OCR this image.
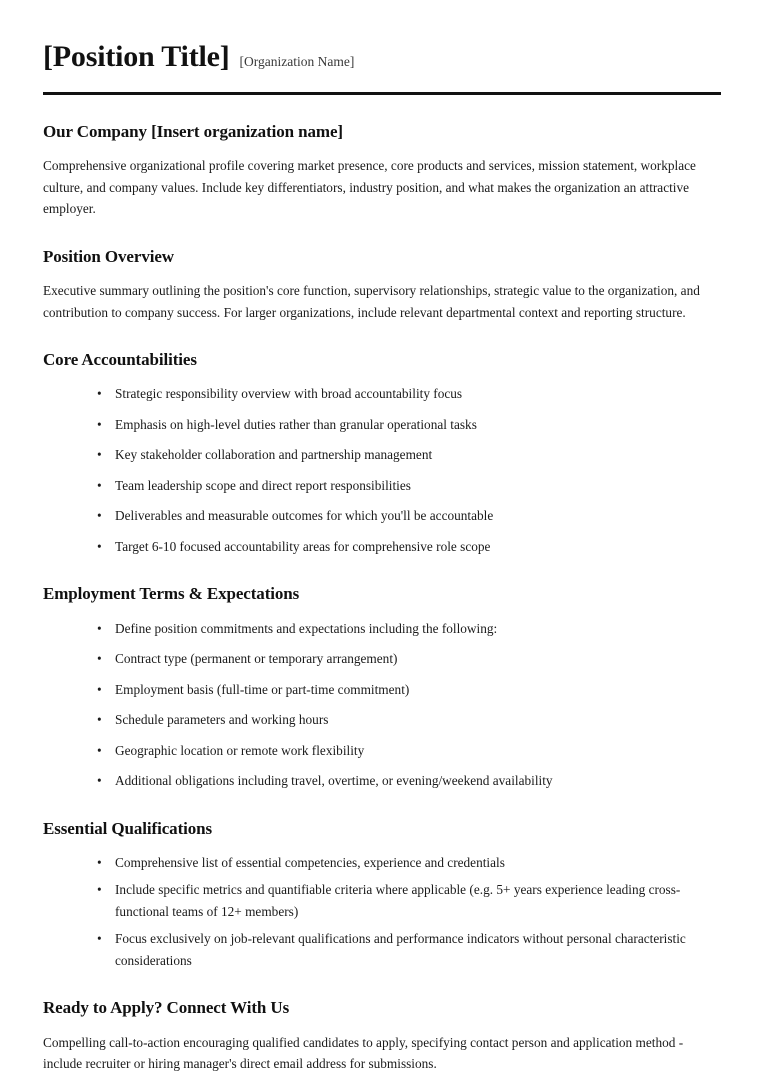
[Position Title] [Organization Name]
Our Company [Insert organization name]

Comprehensive organizational profile covering market presence, core products and services, mission statement, workplace culture, and company values. Include key differentiators, industry position, and what makes the organization an attractive employer.

Position Overview

Executive summary outlining the position's core function, supervisory relationships, strategic value to the organization, and contribution to company success. For larger organizations, include relevant departmental context and reporting structure.

Core Accountabilities
• Strategic responsibility overview with broad accountability focus
• Emphasis on high-level duties rather than granular operational tasks
• Key stakeholder collaboration and partnership management
• Team leadership scope and direct report responsibilities
• Deliverables and measurable outcomes for which you'll be accountable
• Target 6-10 focused accountability areas for comprehensive role scope
Employment Terms & Expectations
• Define position commitments and expectations including the following:
• Contract type (permanent or temporary arrangement)
• Employment basis (full-time or part-time commitment)
• Schedule parameters and working hours
• Geographic location or remote work flexibility
• Additional obligations including travel, overtime, or evening/weekend availability
Essential Qualifications
• Comprehensive list of essential competencies, experience and credentials
• Include specific metrics and quantifiable criteria where applicable (e.g. 5+ years experience leading cross-functional teams of 12+ members)
• Focus exclusively on job-relevant qualifications and performance indicators without personal characteristic considerations
Ready to Apply? Connect With Us

Compelling call-to-action encouraging qualified candidates to apply, specifying contact person and application method - include recruiter or hiring manager's direct email address for submissions.
